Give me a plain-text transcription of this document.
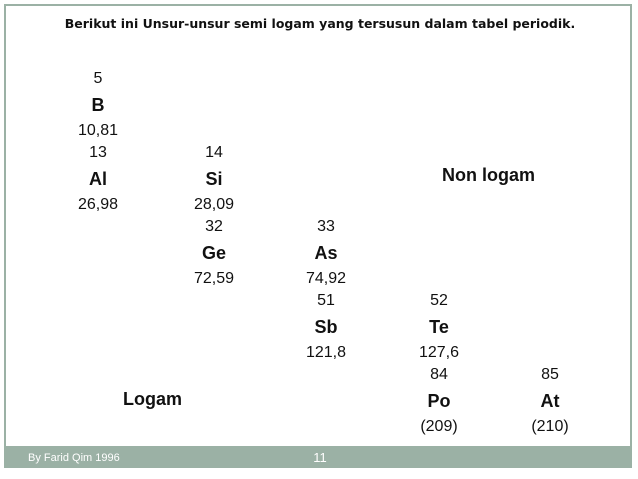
Berikut ini Unsur-unsur semi logam yang tersusun dalam tabel periodik.
5
B
10,81
13
Al
26,98
14
Si
28,09
32
Ge
72,59
33
As
74,92
51
Sb
121,8
52
Te
127,6
84
Po
(209)
85
At
(210)
Non logam
Logam
By Farid Qim 1996	11
